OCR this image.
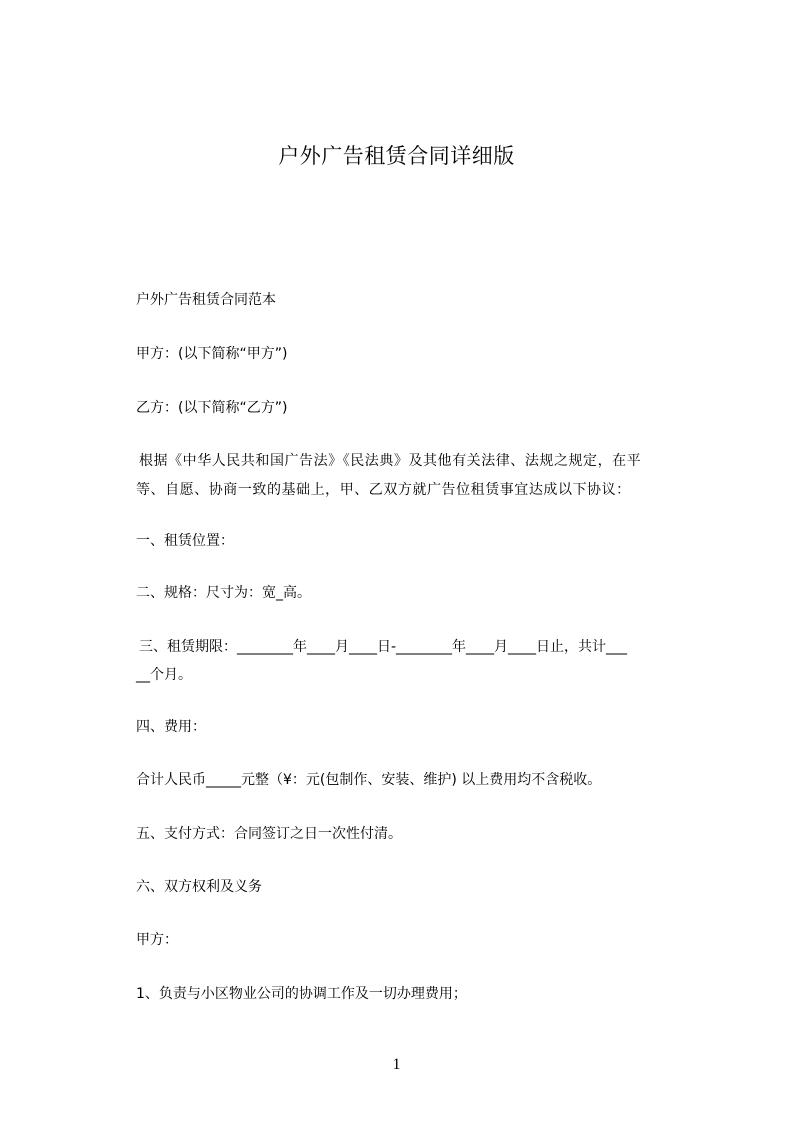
户外广告租赁合同详细版
户外广告租赁合同范本
甲方：(以下简称“甲方”)
乙方：(以下简称“乙方”)
根据《中华人民共和国广告法》《民法典》及其他有关法律、法规之规定，在平
等、自愿、协商一致的基础上，甲、乙双方就广告位租赁事宜达成以下协议：
一、租赁位置：
二、规格：尺寸为：宽_高。
三、租赁期限：________年____月____日-________年____月____日止，共计___
__个月。
四、费用：
合计人民币_____元整（¥：元(包制作、安装、维护) 以上费用均不含税收。
五、支付方式：合同签订之日一次性付清。
六、双方权利及义务
甲方：
1、负责与小区物业公司的协调工作及一切办理费用；
1
